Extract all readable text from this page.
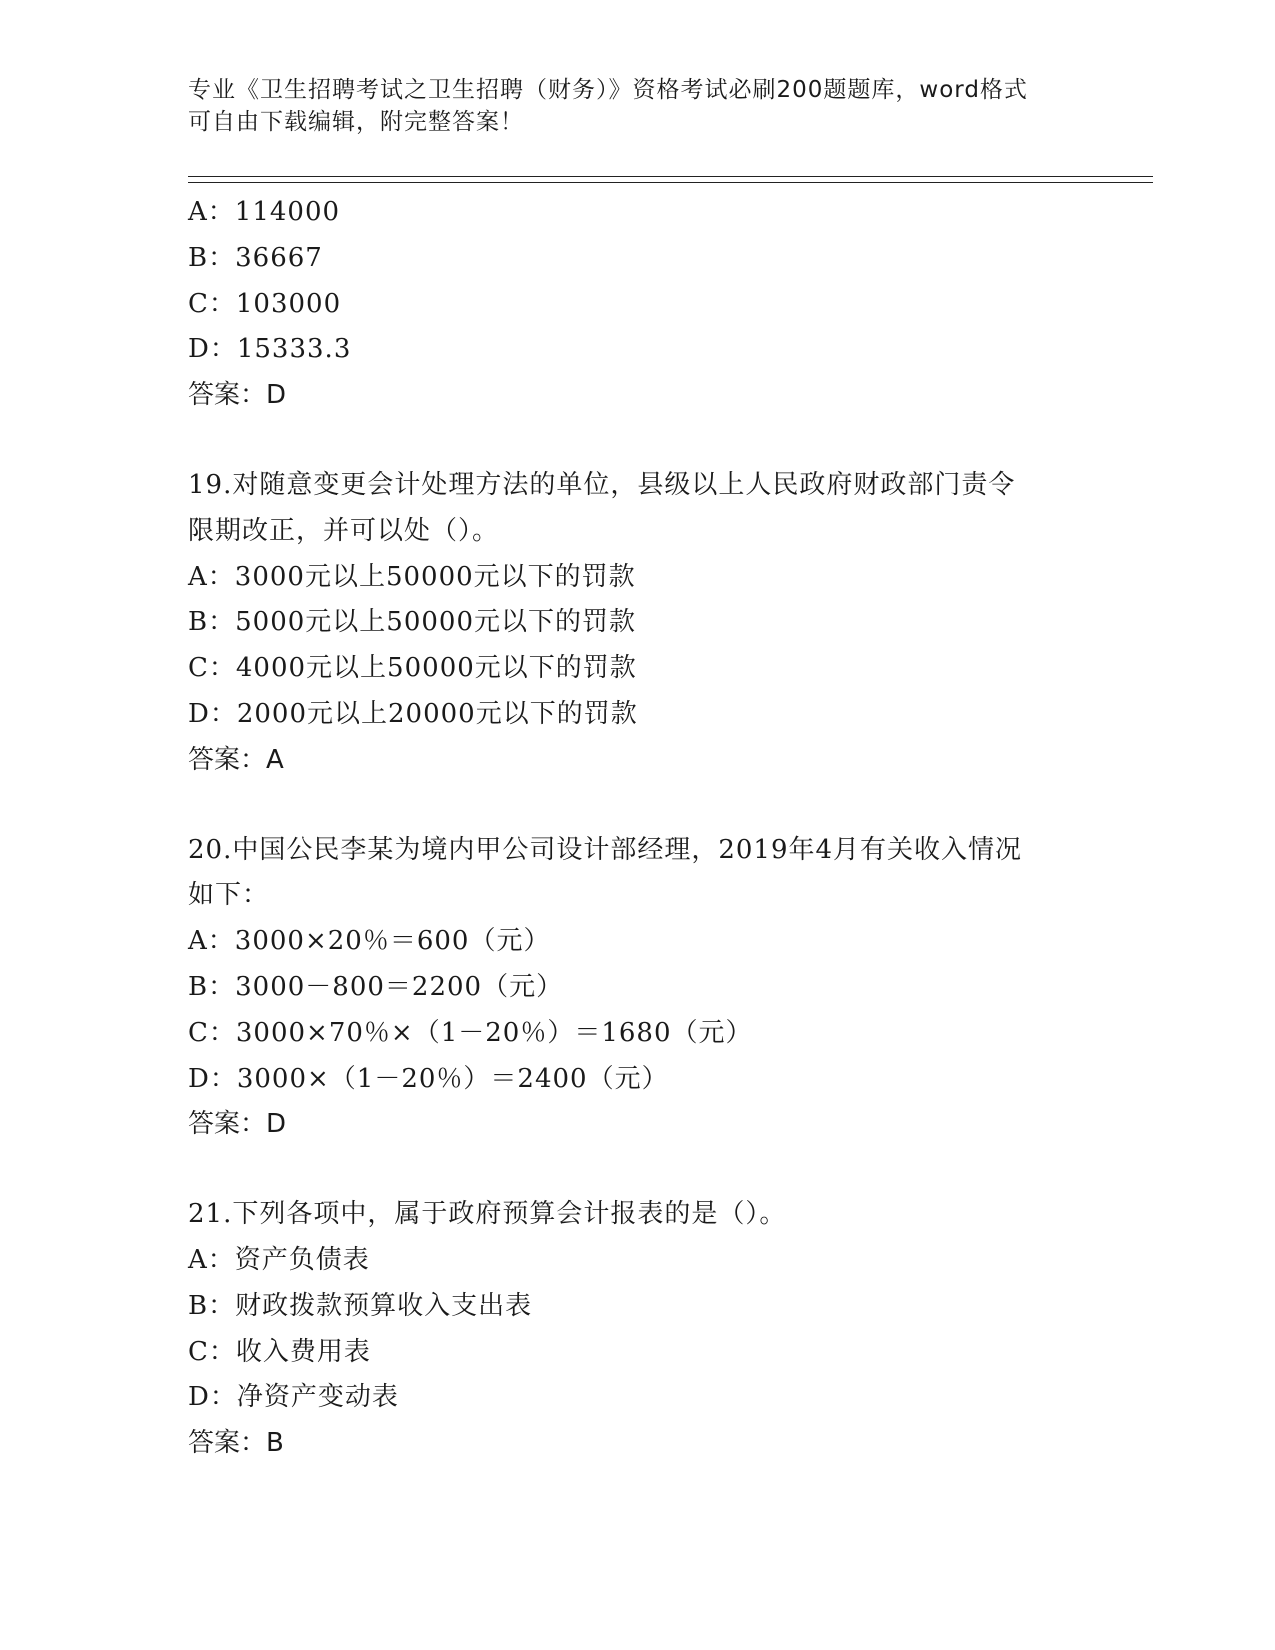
专业《卫生招聘考试之卫生招聘（财务）》资格考试必刷200题题库，word格式
可自由下载编辑，附完整答案！
A：114000
B：36667
C：103000
D：15333.3
答案：D
19.对随意变更会计处理方法的单位，县级以上人民政府财政部门责令
限期改正，并可以处（）。
A：3000元以上50000元以下的罚款
B：5000元以上50000元以下的罚款
C：4000元以上50000元以下的罚款
D：2000元以上20000元以下的罚款
答案：A
20.中国公民李某为境内甲公司设计部经理，2019年4月有关收入情况
如下：
A：3000×20％＝600（元）
B：3000－800＝2200（元）
C：3000×70％×（1－20％）＝1680（元）
D：3000×（1－20％）＝2400（元）
答案：D
21.下列各项中，属于政府预算会计报表的是（）。
A：资产负债表
B：财政拨款预算收入支出表
C：收入费用表
D：净资产变动表
答案：B
